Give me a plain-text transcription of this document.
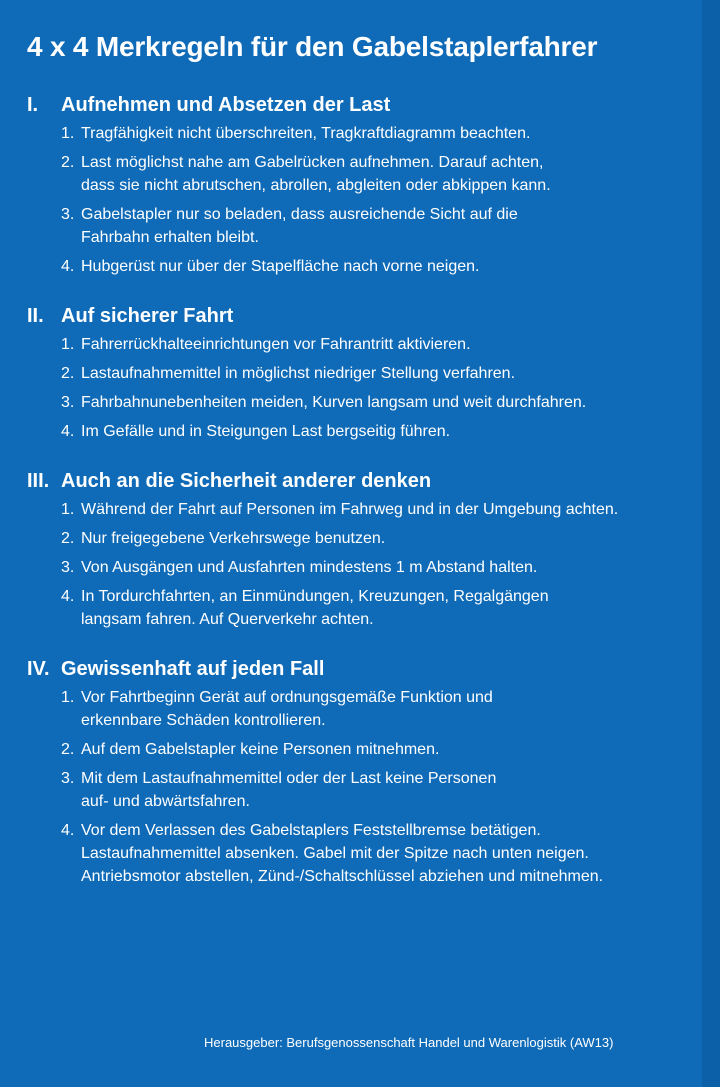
4 x 4 Merkregeln für den Gabelstaplerfahrer
I.	Aufnehmen und Absetzen der Last
1. Tragfähigkeit nicht überschreiten, Tragkraftdiagramm beachten.
2. Last möglichst nahe am Gabelrücken aufnehmen. Darauf achten,
dass sie nicht abrutschen, abrollen, abgleiten oder abkippen kann.
3. Gabelstapler nur so beladen, dass ausreichende Sicht auf die
Fahrbahn erhalten bleibt.
4. Hubgerüst nur über der Stapelfläche nach vorne neigen.
II. Auf sicherer Fahrt
1. Fahrerrückhalteeinrichtungen vor Fahrantritt aktivieren.
2. Lastaufnahmemittel in möglichst niedriger Stellung verfahren.
3. Fahrbahnunebenheiten meiden, Kurven langsam und weit durchfahren.
4. Im Gefälle und in Steigungen Last bergseitig führen.
III. Auch an die Sicherheit anderer denken
1. Während der Fahrt auf Personen im Fahrweg und in der Umgebung achten.
2. Nur freigegebene Verkehrswege benutzen.
3. Von Ausgängen und Ausfahrten mindestens 1 m Abstand halten.
4. In Tordurchfahrten, an Einmündungen, Kreuzungen, Regalgängen
langsam fahren. Auf Querverkehr achten.
IV. Gewissenhaft auf jeden Fall
1. Vor Fahrtbeginn Gerät auf ordnungsgemäße Funktion und
erkennbare Schäden kontrollieren.
2. Auf dem Gabelstapler keine Personen mitnehmen.
3. Mit dem Lastaufnahmemittel oder der Last keine Personen
auf- und abwärtsfahren.
4. Vor dem Verlassen des Gabelstaplers Feststellbremse betätigen.
Lastaufnahmemittel absenken. Gabel mit der Spitze nach unten neigen.
Antriebsmotor abstellen, Zünd-/Schaltschlüssel abziehen und mitnehmen.

Herausgeber: Berufsgenossenschaft Handel und Warenlogistik (AW13)
